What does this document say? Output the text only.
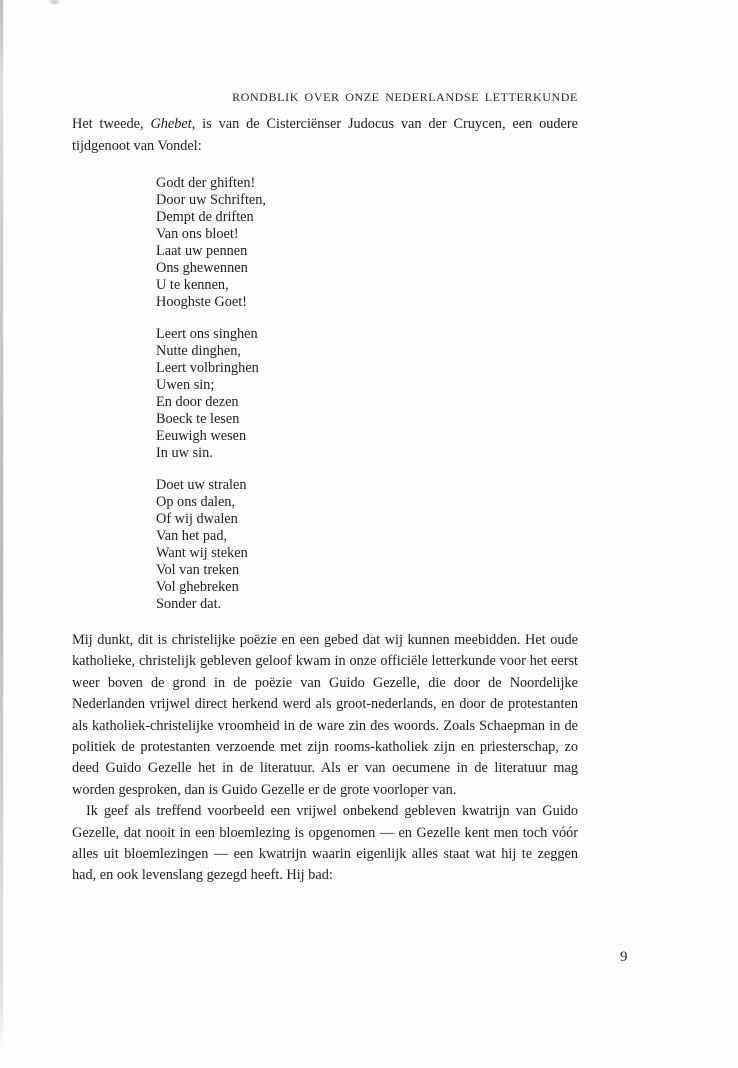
RONDBLIK OVER ONZE NEDERLANDSE LETTERKUNDE

Het tweede, Ghebet, is van de Cisterciënser Judocus van der Cruycen, een oudere tijdgenoot van Vondel:

Godt der ghiften!
Door uw Schriften,
Dempt de driften
Van ons bloet!
Laat uw pennen
Ons ghewennen
U te kennen,
Hooghste Goet!
Leert ons singhen
Nutte dinghen,
Leert volbringhen
Uwen sin;
En door dezen
Boeck te lesen
Eeuwigh wesen
In uw sin.
Doet uw stralen
Op ons dalen,
Of wij dwalen
Van het pad,
Want wij steken
Vol van treken
Vol ghebreken
Sonder dat.

Mij dunkt, dit is christelijke poëzie en een gebed dat wij kunnen meebidden. Het oude katholieke, christelijk gebleven geloof kwam in onze officiële letterkunde voor het eerst weer boven de grond in de poëzie van Guido Gezelle, die door de Noordelijke Nederlanden vrijwel direct herkend werd als groot-nederlands, en door de protestanten als katholiek-christelijke vroomheid in de ware zin des woords. Zoals Schaepman in de politiek de protestanten verzoende met zijn rooms-katholiek zijn en priesterschap, zo deed Guido Gezelle het in de literatuur. Als er van oecumene in de literatuur mag worden gesproken, dan is Guido Gezelle er de grote voorloper van.

Ik geef als treffend voorbeeld een vrijwel onbekend gebleven kwatrijn van Guido Gezelle, dat nooit in een bloemlezing is opgenomen — en Gezelle kent men toch vóór alles uit bloemlezingen — een kwatrijn waarin eigenlijk alles staat wat hij te zeggen had, en ook levenslang gezegd heeft. Hij bad:

9
